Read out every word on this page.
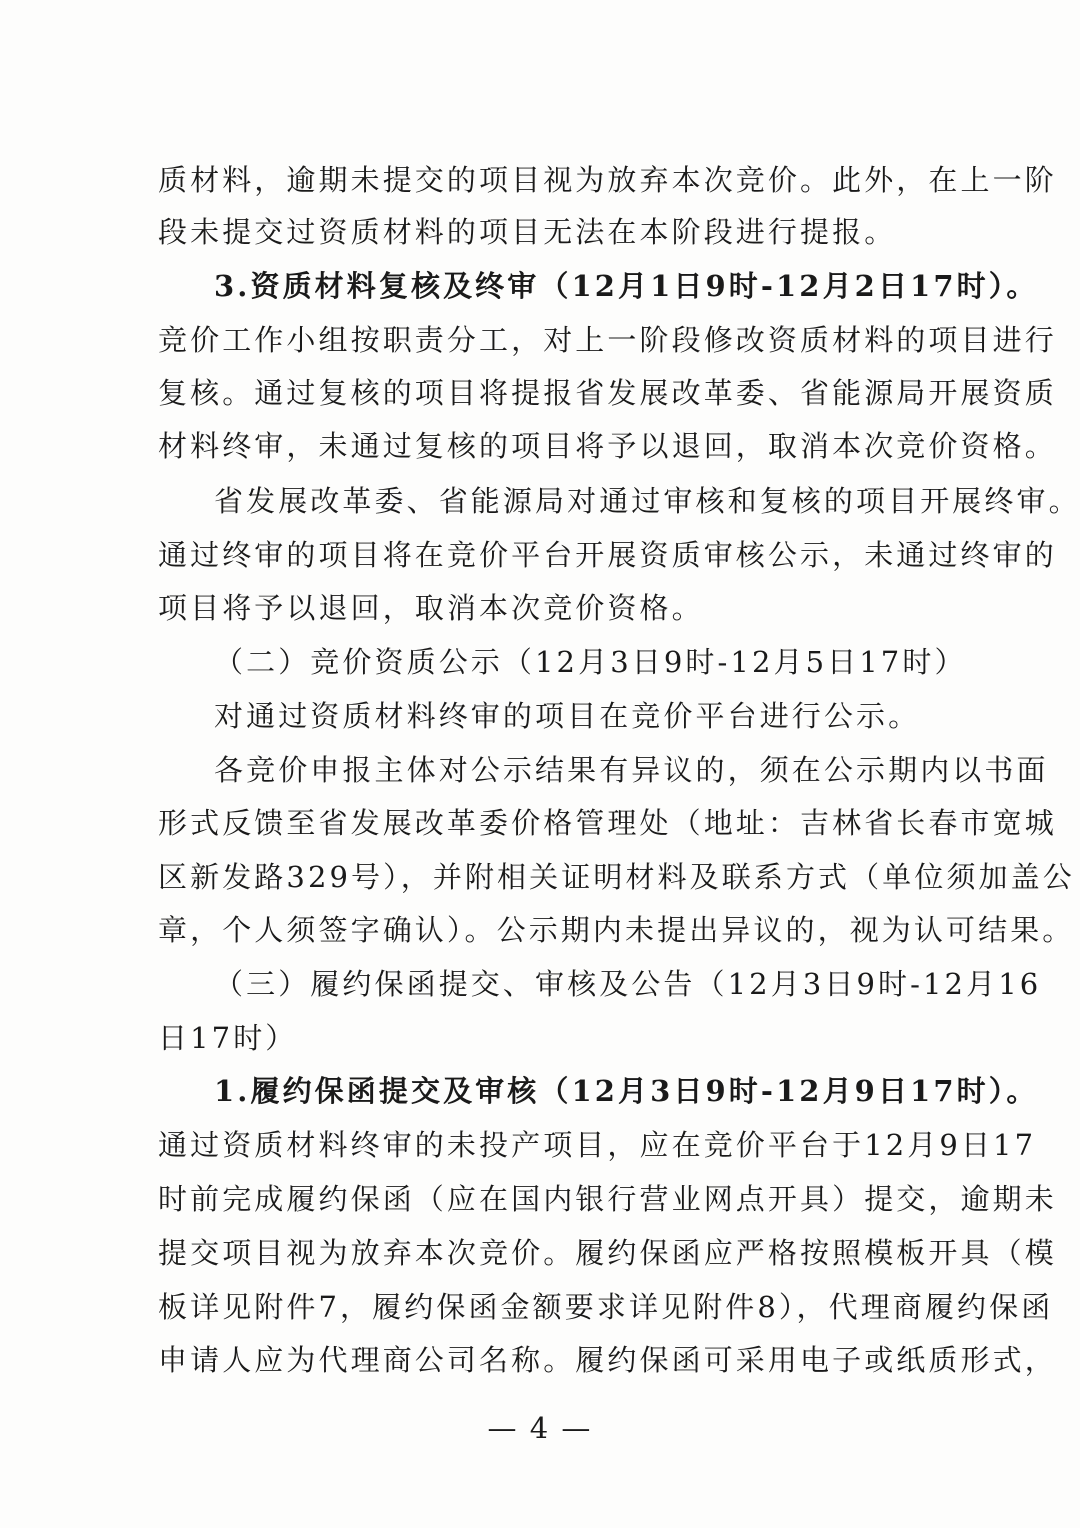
质材料，逾期未提交的项目视为放弃本次竞价。此外，在上一阶
段未提交过资质材料的项目无法在本阶段进行提报。
3.资质材料复核及终审（12月1日9时-12月2日17时）。
竞价工作小组按职责分工，对上一阶段修改资质材料的项目进行
复核。通过复核的项目将提报省发展改革委、省能源局开展资质
材料终审，未通过复核的项目将予以退回，取消本次竞价资格。
省发展改革委、省能源局对通过审核和复核的项目开展终审。
通过终审的项目将在竞价平台开展资质审核公示，未通过终审的
项目将予以退回，取消本次竞价资格。
（二）竞价资质公示（12月3日9时-12月5日17时）
对通过资质材料终审的项目在竞价平台进行公示。
各竞价申报主体对公示结果有异议的，须在公示期内以书面
形式反馈至省发展改革委价格管理处（地址：吉林省长春市宽城
区新发路329号），并附相关证明材料及联系方式（单位须加盖公
章，个人须签字确认）。公示期内未提出异议的，视为认可结果。
（三）履约保函提交、审核及公告（12月3日9时-12月16
日17时）
1.履约保函提交及审核（12月3日9时-12月9日17时）。
通过资质材料终审的未投产项目，应在竞价平台于12月9日17
时前完成履约保函（应在国内银行营业网点开具）提交，逾期未
提交项目视为放弃本次竞价。履约保函应严格按照模板开具（模
板详见附件7，履约保函金额要求详见附件8），代理商履约保函
申请人应为代理商公司名称。履约保函可采用电子或纸质形式，
— 4 —
